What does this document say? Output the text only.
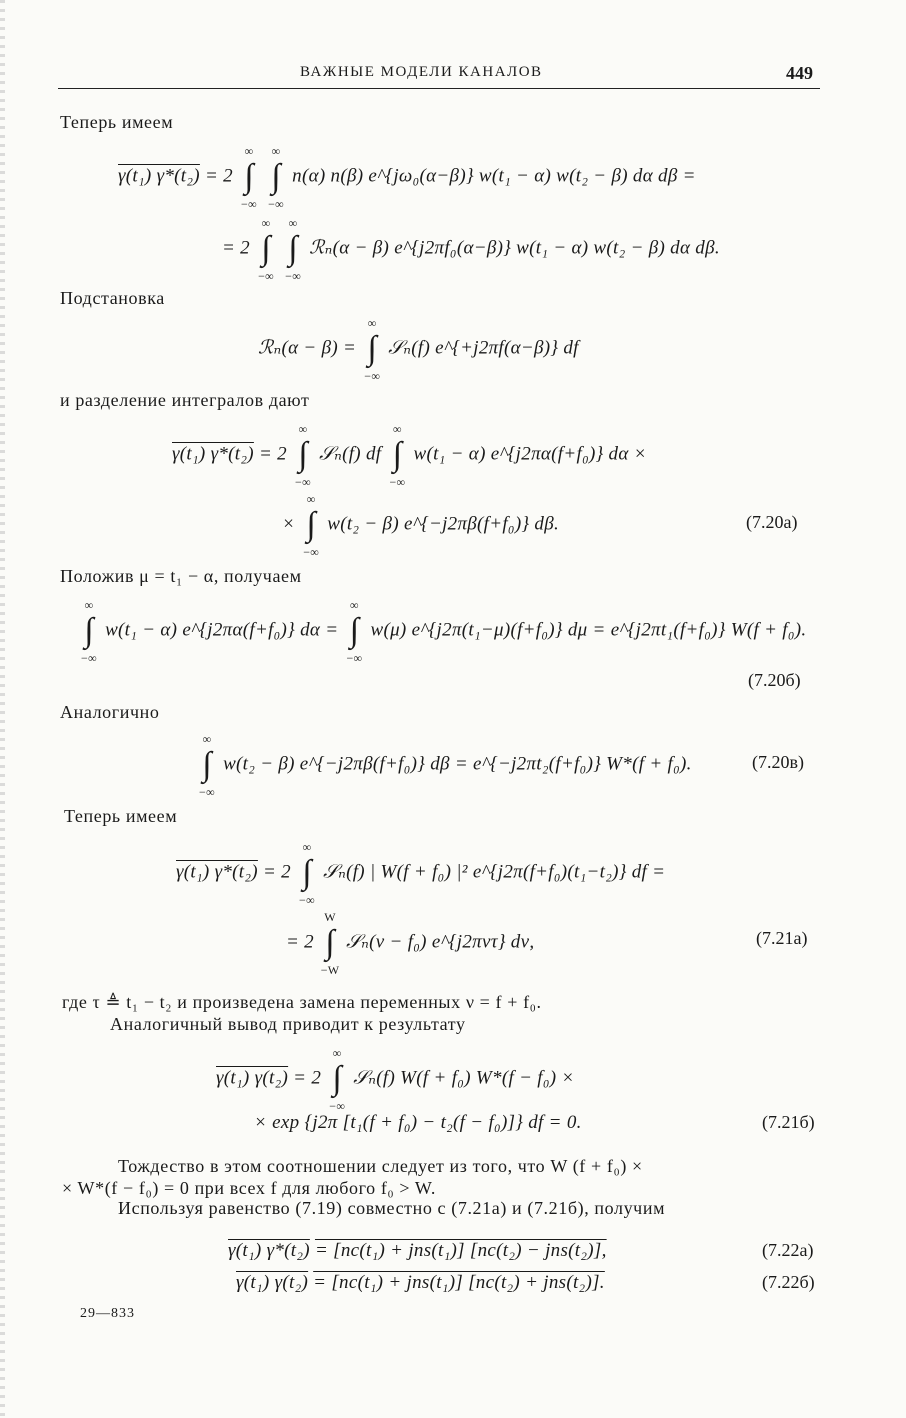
ВАЖНЫЕ МОДЕЛИ КАНАЛОВ	449
Теперь имеем
γ(t₁) γ*(t₂) = 2
∞
∫
−∞

∞
∫
−∞
n(α) n(β) e^{jω₀(α−β)} w(t₁ − α) w(t₂ − β) dα dβ =
= 2
∞
∫
−∞

∞
∫
−∞
ℛₙ(α − β) e^{j2πf₀(α−β)} w(t₁ − α) w(t₂ − β) dα dβ.
Подстановка
ℛₙ(α − β) =
∞
∫
−∞
𝒮ₙ(f) e^{+j2πf(α−β)} df
и разделение интегралов дают
γ(t₁) γ*(t₂) = 2
∞
∫
−∞
𝒮ₙ(f) df
∞
∫
−∞
w(t₁ − α) e^{j2πα(f+f₀)} dα ×
×
∞
∫
−∞
w(t₂ − β) e^{−j2πβ(f+f₀)} dβ.	(7.20а)
Положив μ = t₁ − α, получаем
∞
∫
−∞
w(t₁ − α) e^{j2πα(f+f₀)} dα =
∞
∫
−∞
w(μ) e^{j2π(t₁−μ)(f+f₀)} dμ = e^{j2πt₁(f+f₀)} W(f + f₀).
(7.20б)
Аналогично
∞
∫
−∞
w(t₂ − β) e^{−j2πβ(f+f₀)} dβ = e^{−j2πt₂(f+f₀)} W*(f + f₀).	(7.20в)
Теперь имеем
γ(t₁) γ*(t₂) = 2
∞
∫
−∞
𝒮ₙ(f) | W(f + f₀) |² e^{j2π(f+f₀)(t₁−t₂)} df =
= 2
W
∫
−W
𝒮ₙ(ν − f₀) e^{j2πντ} dν,	(7.21а)
где τ ≜ t₁ − t₂ и произведена замена переменных ν = f + f₀.
Аналогичный вывод приводит к результату
γ(t₁) γ(t₂) = 2
∞
∫
−∞
𝒮ₙ(f) W(f + f₀) W*(f − f₀) ×
× exp {j2π [t₁(f + f₀) − t₂(f − f₀)]} df = 0.	(7.21б)
Тождество в этом соотношении следует из того, что W (f + f₀) ×
× W*(f − f₀) = 0 при всех f для любого f₀ > W.
Используя равенство (7.19) совместно с (7.21а) и (7.21б), получим
γ(t₁) γ*(t₂) = [nc(t₁) + jns(t₁)] [nc(t₂) − jns(t₂)],	(7.22а)
γ(t₁) γ(t₂) = [nc(t₁) + jns(t₁)] [nc(t₂) + jns(t₂)].	(7.22б)
29—833
